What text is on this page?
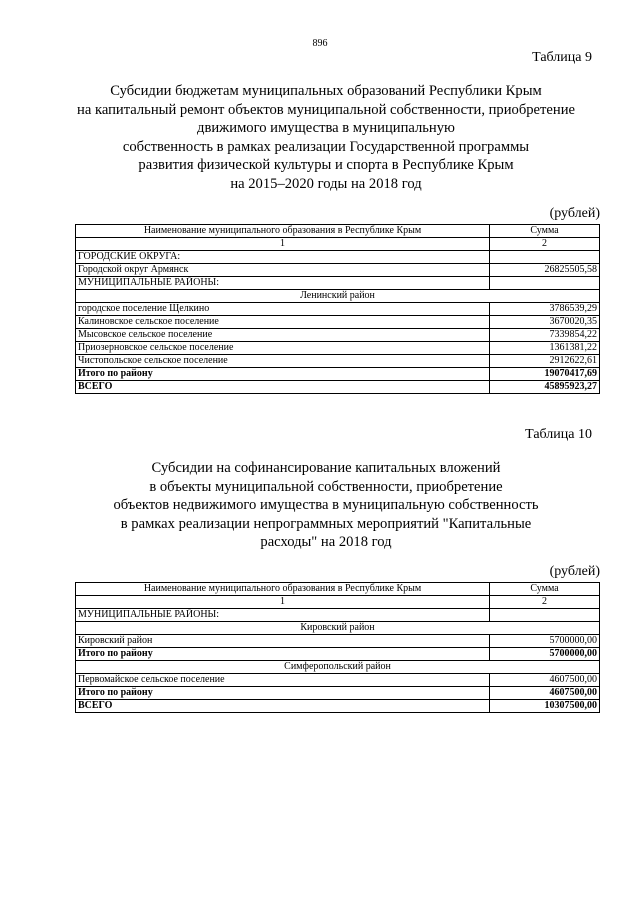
896
Таблица 9
Субсидии бюджетам муниципальных образований Республики Крым
на капитальный ремонт объектов муниципальной собственности, приобретение
движимого имущества в муниципальную
собственность в рамках реализации Государственной программы
развития физической культуры и спорта в Республике Крым
на 2015–2020 годы на 2018 год
(рублей)
Наименование муниципального образования в Республике Крым	Сумма
1	2
ГОРОДСКИЕ ОКРУГА:	
Городской округ Армянск	26825505,58
МУНИЦИПАЛЬНЫЕ РАЙОНЫ:	
Ленинский район	
городское поселение Щелкино	3786539,29
Калиновское сельское поселение	3670020,35
Мысовское сельское поселение	7339854,22
Приозерновское сельское поселение	1361381,22
Чистопольское сельское поселение	2912622,61
Итого по району	19070417,69
ВСЕГО	45895923,27
Таблица 10
Субсидии на софинансирование капитальных вложений
в объекты муниципальной собственности, приобретение
объектов недвижимого имущества в муниципальную собственность
в рамках реализации непрограммных мероприятий "Капитальные
расходы" на 2018 год
(рублей)
Наименование муниципального образования в Республике Крым	Сумма
1	2
МУНИЦИПАЛЬНЫЕ РАЙОНЫ:	
Кировский район	
Кировский район	5700000,00
Итого по району	5700000,00
Симферопольский район	
Первомайское сельское поселение	4607500,00
Итого по району	4607500,00
ВСЕГО	10307500,00
